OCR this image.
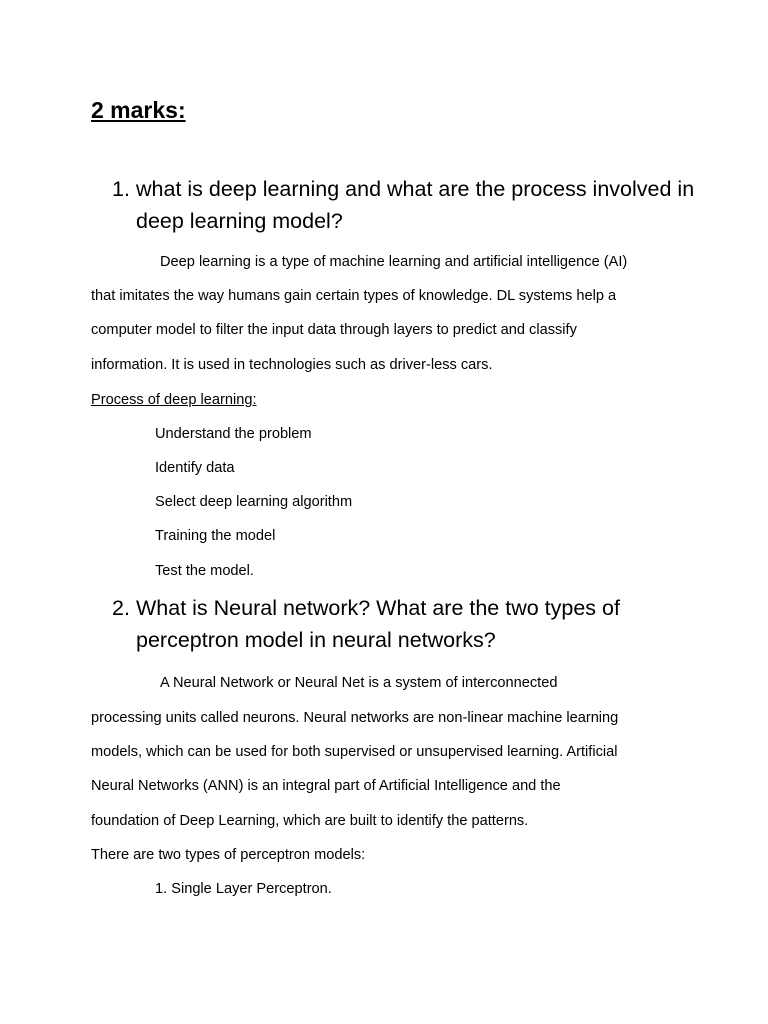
2 marks:
1. what is deep learning and what are the process involved in deep learning model?
Deep learning is a type of machine learning and artificial intelligence (AI)
that imitates the way humans gain certain types of knowledge. DL systems help a
computer model to filter the input data through layers to predict and classify
information. It is used in technologies such as driver-less cars.
Process of deep learning:
Understand the problem
Identify data
Select deep learning algorithm
Training the model
Test the model.
2. What is Neural network? What are the two types of perceptron model in neural networks?
A Neural Network or Neural Net is a system of interconnected
processing units called neurons. Neural networks are non-linear machine learning
models, which can be used for both supervised or unsupervised learning. Artificial
Neural Networks (ANN) is an integral part of Artificial Intelligence and the
foundation of Deep Learning, which are built to identify the patterns.
There are two types of perceptron models:
1. Single Layer Perceptron.
